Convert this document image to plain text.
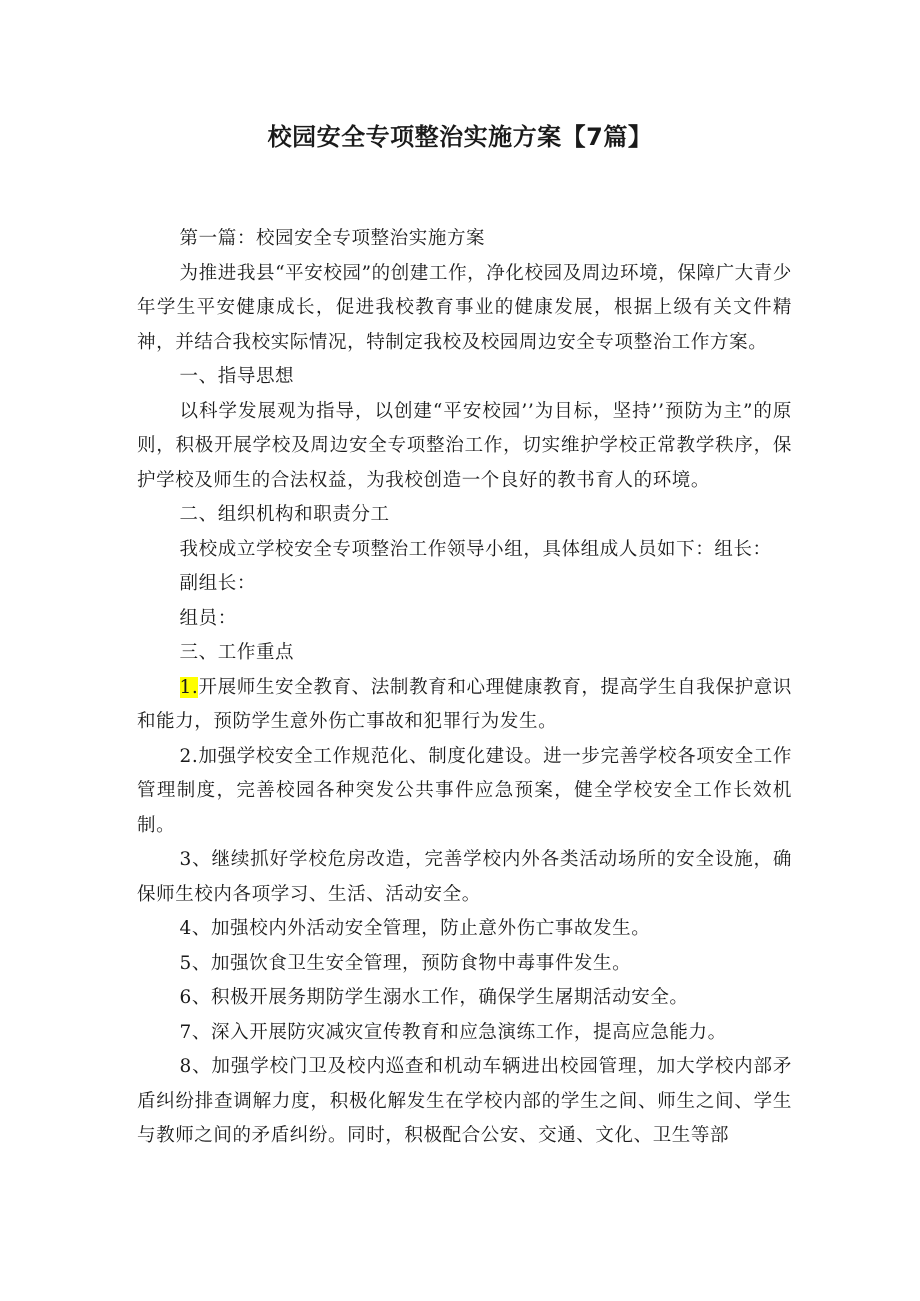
校园安全专项整治实施方案【7篇】

第一篇：校园安全专项整治实施方案

为推进我县“平安校园”的创建工作，净化校园及周边环境，保障广大青少年学生平安健康成长，促进我校教育事业的健康发展，根据上级有关文件精神，并结合我校实际情况，特制定我校及校园周边安全专项整治工作方案。

一、指导思想

以科学发展观为指导，以创建“平安校园’’为目标，坚持’’预防为主”的原则，积极开展学校及周边安全专项整治工作，切实维护学校正常教学秩序，保护学校及师生的合法权益，为我校创造一个良好的教书育人的环境。

二、组织机构和职责分工

我校成立学校安全专项整治工作领导小组，具体组成人员如下：组长：

副组长：

组员：

三、工作重点

1.开展师生安全教育、法制教育和心理健康教育，提高学生自我保护意识和能力，预防学生意外伤亡事故和犯罪行为发生。

2.加强学校安全工作规范化、制度化建设。进一步完善学校各项安全工作管理制度，完善校园各种突发公共事件应急预案，健全学校安全工作长效机制。

3、继续抓好学校危房改造，完善学校内外各类活动场所的安全设施，确保师生校内各项学习、生活、活动安全。

4、加强校内外活动安全管理，防止意外伤亡事故发生。

5、加强饮食卫生安全管理，预防食物中毒事件发生。

6、积极开展务期防学生溺水工作，确保学生屠期活动安全。

7、深入开展防灾减灾宣传教育和应急演练工作，提高应急能力。

8、加强学校门卫及校内巡查和机动车辆进出校园管理，加大学校内部矛盾纠纷排查调解力度，积极化解发生在学校内部的学生之间、师生之间、学生与教师之间的矛盾纠纷。同时，积极配合公安、交通、文化、卫生等部
